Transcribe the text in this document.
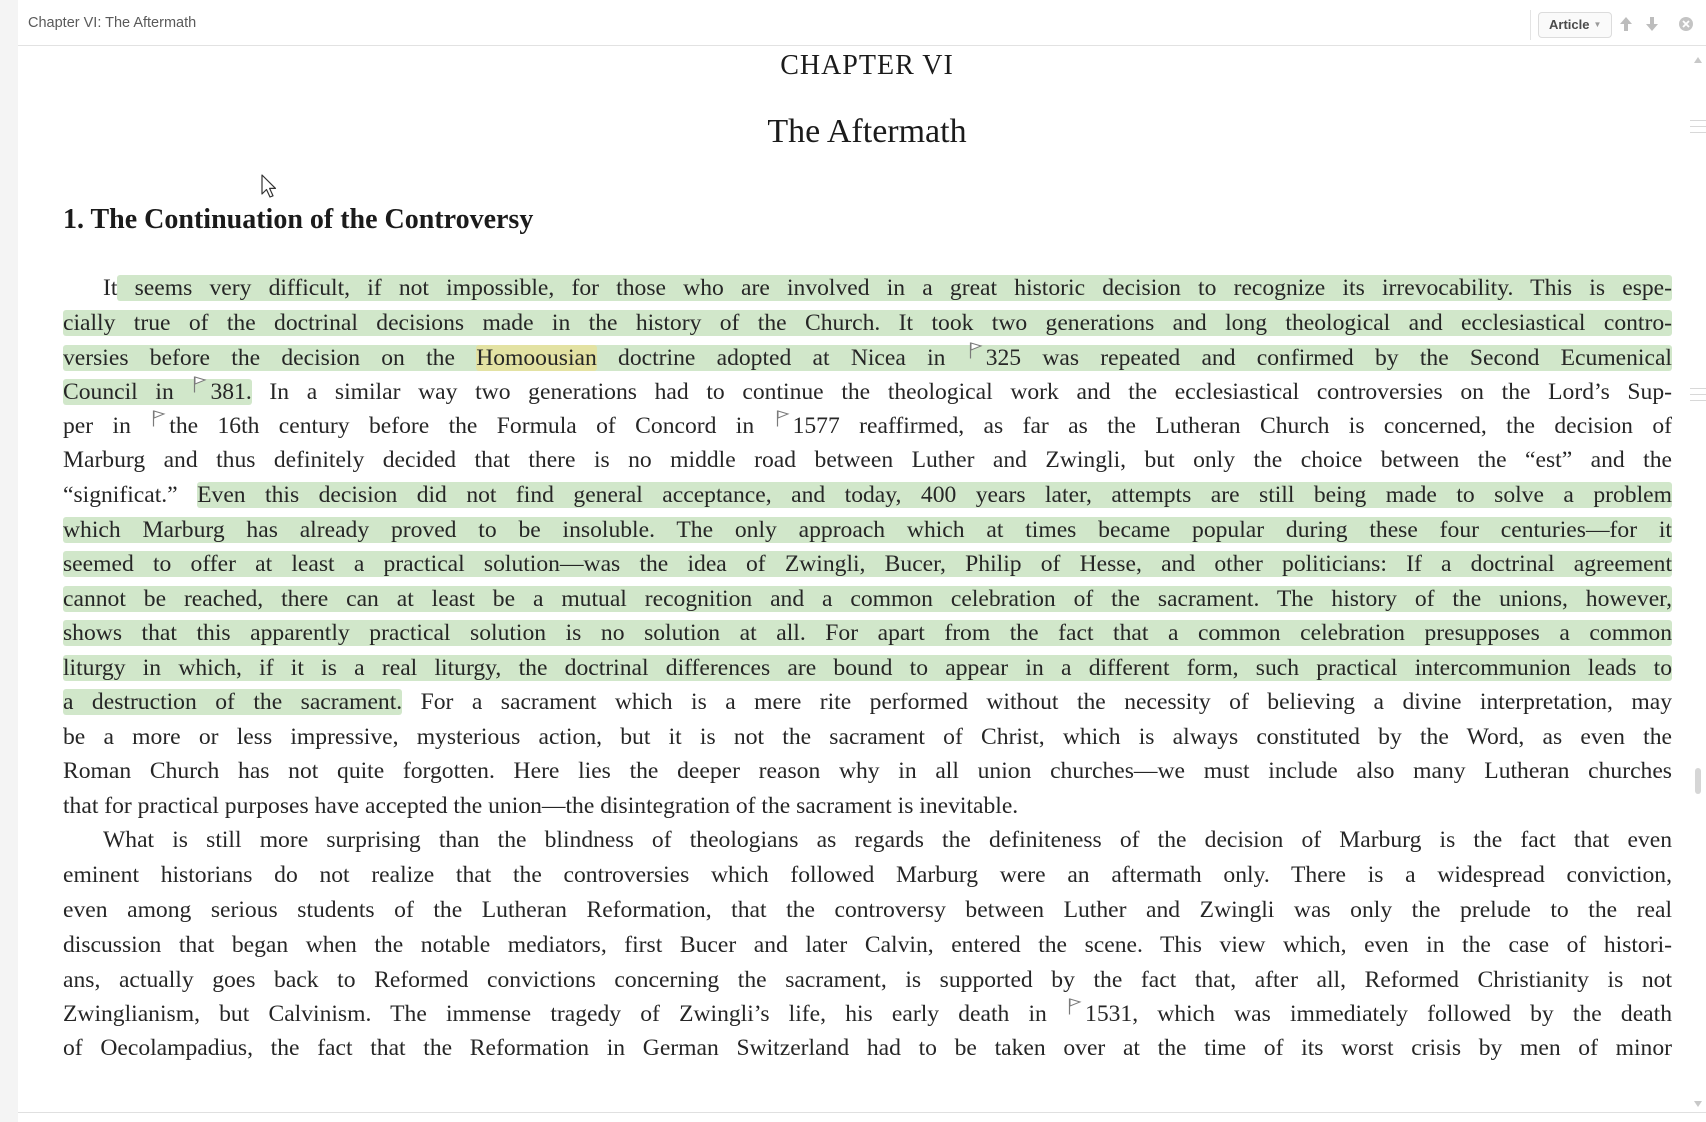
Chapter VI: The Aftermath	Article ▼
CHAPTER VI
The Aftermath
1. The Continuation of the Controversy
It seems very difficult, if not impossible, for those who are involved in a great historic decision to recognize its irrevocability. This is espe-
cially true of the doctrinal decisions made in the history of the Church. It took two generations and long theological and ecclesiastical contro-
versies before the decision on the Homoousian doctrine adopted at Nicea in
325 was repeated and confirmed by the Second Ecumenical
Council in
381. In a similar way two generations had to continue the theological work and the ecclesiastical controversies on the Lord’s Sup-
per in
the 16th century before the Formula of Concord in
1577 reaffirmed, as far as the Lutheran Church is concerned, the decision of
Marburg and thus definitely decided that there is no middle road between Luther and Zwingli, but only the choice between the “est” and the
“significat.” Even this decision did not find general acceptance, and today, 400 years later, attempts are still being made to solve a problem
which Marburg has already proved to be insoluble. The only approach which at times became popular during these four centuries—for it
seemed to offer at least a practical solution—was the idea of Zwingli, Bucer, Philip of Hesse, and other politicians: If a doctrinal agreement
cannot be reached, there can at least be a mutual recognition and a common celebration of the sacrament. The history of the unions, however,
shows that this apparently practical solution is no solution at all. For apart from the fact that a common celebration presupposes a common
liturgy in which, if it is a real liturgy, the doctrinal differences are bound to appear in a different form, such practical intercommunion leads to
a destruction of the sacrament. For a sacrament which is a mere rite performed without the necessity of believing a divine interpretation, may
be a more or less impressive, mysterious action, but it is not the sacrament of Christ, which is always constituted by the Word, as even the
Roman Church has not quite forgotten. Here lies the deeper reason why in all union churches—we must include also many Lutheran churches
that for practical purposes have accepted the union—the disintegration of the sacrament is inevitable.
What is still more surprising than the blindness of theologians as regards the definiteness of the decision of Marburg is the fact that even
eminent historians do not realize that the controversies which followed Marburg were an aftermath only. There is a widespread conviction,
even among serious students of the Lutheran Reformation, that the controversy between Luther and Zwingli was only the prelude to the real
discussion that began when the notable mediators, first Bucer and later Calvin, entered the scene. This view which, even in the case of histori-
ans, actually goes back to Reformed convictions concerning the sacrament, is supported by the fact that, after all, Reformed Christianity is not
Zwinglianism, but Calvinism. The immense tragedy of Zwingli’s life, his early death in
1531, which was immediately followed by the death
of Oecolampadius, the fact that the Reformation in German Switzerland had to be taken over at the time of its worst crisis by men of minor
